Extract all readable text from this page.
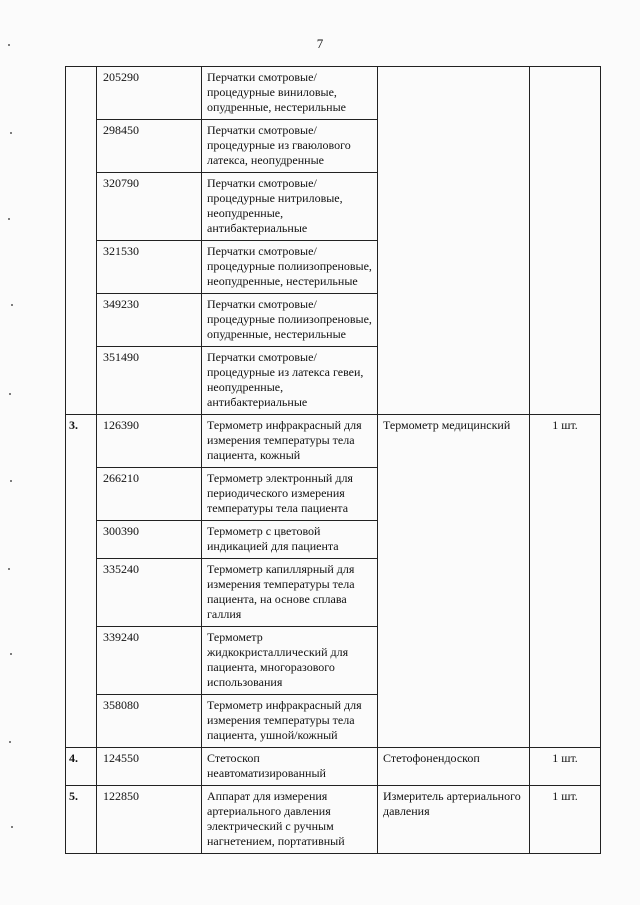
7
	205290	Перчатки смотровые/ процедурные виниловые, опудренные, нестерильные		
	298450	Перчатки смотровые/ процедурные из гваюлового латекса, неопудренные		
	320790	Перчатки смотровые/ процедурные нитриловые, неопудренные, антибактериальные		
	321530	Перчатки смотровые/ процедурные полиизопреновые, неопудренные, нестерильные		
	349230	Перчатки смотровые/ процедурные полиизопреновые, опудренные, нестерильные		
	351490	Перчатки смотровые/ процедурные из латекса гевеи, неопудренные, антибактериальные		
3.	126390	Термометр инфракрасный для измерения температуры тела пациента, кожный	Термометр медицинский	1 шт.
	266210	Термометр электронный для периодического измерения температуры тела пациента		
	300390	Термометр с цветовой индикацией для пациента		
	335240	Термометр капиллярный для измерения температуры тела пациента, на основе сплава галлия		
	339240	Термометр жидкокристаллический для пациента, многоразового использования		
	358080	Термометр инфракрасный для измерения температуры тела пациента, ушной/кожный		
4.	124550	Стетоскоп неавтоматизированный	Стетофонендоскоп	1 шт.
5.	122850	Аппарат для измерения артериального давления электрический с ручным нагнетением, портативный	Измеритель артериального давления	1 шт.
